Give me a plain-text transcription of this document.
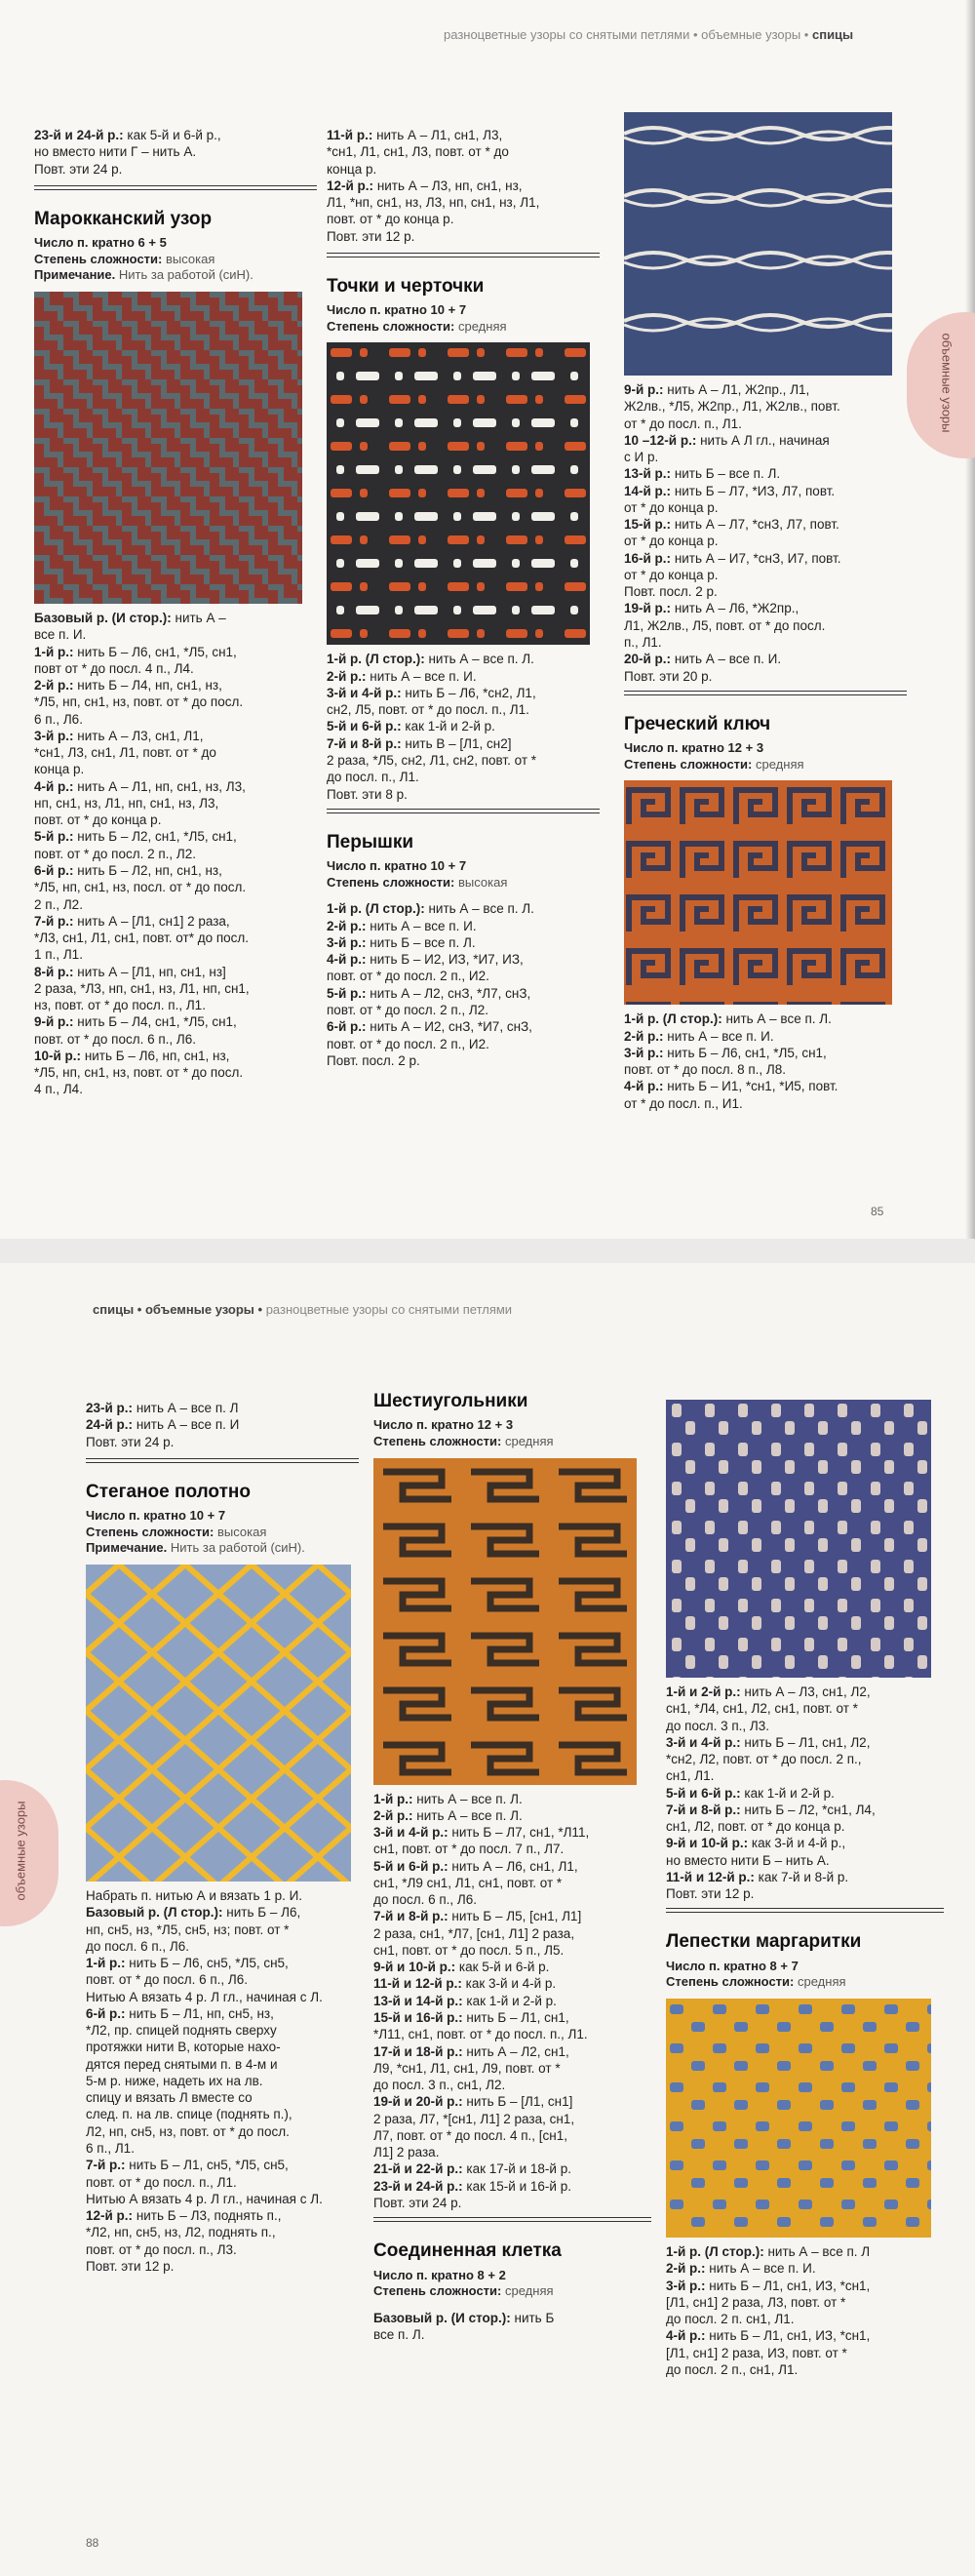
разноцветные узоры со снятыми петлями • объемные узоры • спицы
объемные узоры

23-й и 24-й р.: как 5-й и 6-й р.,

но вместо нити Г – нить А.

Повт. эти 24 р.

Марокканский узор

Число п. кратно 6 + 5

Степень сложности: высокая

Примечание. Нить за работой (сиН).

Базовый р. (И стор.): нить А –

все п. И.

1-й р.: нить Б – Л6, сн1, *Л5, сн1,

повт от * до посл. 4 п., Л4.

2-й р.: нить Б – Л4, нп, сн1, нз,

*Л5, нп, сн1, нз, повт. от * до посл.

6 п., Л6.

3-й р.: нить А – Л3, сн1, Л1,

*сн1, Л3, сн1, Л1, повт. от * до

конца р.

4-й р.: нить А – Л1, нп, сн1, нз, Л3,

нп, сн1, нз, Л1, нп, сн1, нз, Л3,

повт. от * до конца р.

5-й р.: нить Б – Л2, сн1, *Л5, сн1,

повт. от * до посл. 2 п., Л2.

6-й р.: нить Б – Л2, нп, сн1, нз,

*Л5, нп, сн1, нз, посл. от * до посл.

2 п., Л2.

7-й р.: нить А – [Л1, сн1] 2 раза,

*Л3, сн1, Л1, сн1, повт. от* до посл.

1 п., Л1.

8-й р.: нить А – [Л1, нп, сн1, нз]

2 раза, *Л3, нп, сн1, нз, Л1, нп, сн1,

нз, повт. от * до посл. п., Л1.

9-й р.: нить Б – Л4, сн1, *Л5, сн1,

повт. от * до посл. 6 п., Л6.

10-й р.: нить Б – Л6, нп, сн1, нз,

*Л5, нп, сн1, нз, повт. от * до посл.

4 п., Л4.

11-й р.: нить А – Л1, сн1, Л3,

*сн1, Л1, сн1, Л3, повт. от * до

конца р.

12-й р.: нить А – Л3, нп, сн1, нз,

Л1, *нп, сн1, нз, Л3, нп, сн1, нз, Л1,

повт. от * до конца р.

Повт. эти 12 р.

Точки и черточки

Число п. кратно 10 + 7

Степень сложности: средняя

1-й р. (Л стор.): нить А – все п. Л.

2-й р.: нить А – все п. И.

3-й и 4-й р.: нить Б – Л6, *сн2, Л1,

сн2, Л5, повт. от * до посл. п., Л1.

5-й и 6-й р.: как 1-й и 2-й р.

7-й и 8-й р.: нить В – [Л1, сн2]

2 раза, *Л5, сн2, Л1, сн2, повт. от *

до посл. п., Л1.

Повт. эти 8 р.

Перышки

Число п. кратно 10 + 7

Степень сложности: высокая

1-й р. (Л стор.): нить А – все п. Л.

2-й р.: нить А – все п. И.

3-й р.: нить Б – все п. Л.

4-й р.: нить Б – И2, ИЗ, *И7, ИЗ,

повт. от * до посл. 2 п., И2.

5-й р.: нить А – Л2, снЗ, *Л7, снЗ,

повт. от * до посл. 2 п., Л2.

6-й р.: нить А – И2, снЗ, *И7, снЗ,

повт. от * до посл. 2 п., И2.

Повт. посл. 2 р.

9-й р.: нить А – Л1, Ж2пр., Л1,

Ж2лв., *Л5, Ж2пр., Л1, Ж2лв., повт.

от * до посл. п., Л1.

10 –12-й р.: нить А Л гл., начиная

с И р.

13-й р.: нить Б – все п. Л.

14-й р.: нить Б – Л7, *ИЗ, Л7, повт.

от * до конца р.

15-й р.: нить А – Л7, *снЗ, Л7, повт.

от * до конца р.

16-й р.: нить А – И7, *снЗ, И7, повт.

от * до конца р.

Повт. посл. 2 р.

19-й р.: нить А – Л6, *Ж2пр.,

Л1, Ж2лв., Л5, повт. от * до посл.

п., Л1.

20-й р.: нить А – все п. И.

Повт. эти 20 р.

Греческий ключ

Число п. кратно 12 + 3

Степень сложности: средняя

1-й р. (Л стор.): нить А – все п. Л.

2-й р.: нить А – все п. И.

3-й р.: нить Б – Л6, сн1, *Л5, сн1,

повт. от * до посл. 8 п., Л8.

4-й р.: нить Б – И1, *сн1, *И5, повт.

от * до посл. п., И1.

85
спицы • объемные узоры • разноцветные узоры со снятыми петлями
объемные узоры

23-й р.: нить А – все п. Л

24-й р.: нить А – все п. И

Повт. эти 24 р.

Стеганое полотно

Число п. кратно 10 + 7

Степень сложности: высокая

Примечание. Нить за работой (сиН).

Набрать п. нитью А и вязать 1 р. И.

Базовый р. (Л стор.): нить Б – Л6,

нп, сн5, нз, *Л5, сн5, нз; повт. от *

до посл. 6 п., Л6.

1-й р.: нить Б – Л6, сн5, *Л5, сн5,

повт. от * до посл. 6 п., Л6.

Нитью А вязать 4 р. Л гл., начиная с Л.

6-й р.: нить Б – Л1, нп, сн5, нз,

*Л2, пр. спицей поднять сверху

протяжки нити В, которые нахо-

дятся перед снятыми п. в 4-м и

5-м р. ниже, надеть их на лв.

спицу и вязать Л вместе со

след. п. на лв. спице (поднять п.),

Л2, нп, сн5, нз, повт. от * до посл.

6 п., Л1.

7-й р.: нить Б – Л1, сн5, *Л5, сн5,

повт. от * до посл. п., Л1.

Нитью А вязать 4 р. Л гл., начиная с Л.

12-й р.: нить Б – Л3, поднять п.,

*Л2, нп, сн5, нз, Л2, поднять п.,

повт. от * до посл. п., Л3.

Повт. эти 12 р.

Шестиугольники

Число п. кратно 12 + 3

Степень сложности: средняя

1-й р.: нить А – все п. Л.

2-й р.: нить А – все п. Л.

3-й и 4-й р.: нить Б – Л7, сн1, *Л11,

сн1, повт. от * до посл. 7 п., Л7.

5-й и 6-й р.: нить А – Л6, сн1, Л1,

сн1, *Л9 сн1, Л1, сн1, повт. от *

до посл. 6 п., Л6.

7-й и 8-й р.: нить Б – Л5, [сн1, Л1]

2 раза, сн1, *Л7, [сн1, Л1] 2 раза,

сн1, повт. от * до посл. 5 п., Л5.

9-й и 10-й р.: как 5-й и 6-й р.

11-й и 12-й р.: как 3-й и 4-й р.

13-й и 14-й р.: как 1-й и 2-й р.

15-й и 16-й р.: нить Б – Л1, сн1,

*Л11, сн1, повт. от * до посл. п., Л1.

17-й и 18-й р.: нить А – Л2, сн1,

Л9, *сн1, Л1, сн1, Л9, повт. от *

до посл. 3 п., сн1, Л2.

19-й и 20-й р.: нить Б – [Л1, сн1]

2 раза, Л7, *[сн1, Л1] 2 раза, сн1,

Л7, повт. от * до посл. 4 п., [сн1,

Л1] 2 раза.

21-й и 22-й р.: как 17-й и 18-й р.

23-й и 24-й р.: как 15-й и 16-й р.

Повт. эти 24 р.

Соединенная клетка

Число п. кратно 8 + 2

Степень сложности: средняя

Базовый р. (И стор.): нить Б

все п. Л.

1-й и 2-й р.: нить А – Л3, сн1, Л2,

сн1, *Л4, сн1, Л2, сн1, повт. от *

до посл. 3 п., Л3.

3-й и 4-й р.: нить Б – Л1, сн1, Л2,

*сн2, Л2, повт. от * до посл. 2 п.,

сн1, Л1.

5-й и 6-й р.: как 1-й и 2-й р.

7-й и 8-й р.: нить Б – Л2, *сн1, Л4,

сн1, Л2, повт. от * до конца р.

9-й и 10-й р.: как 3-й и 4-й р.,

но вместо нити Б – нить А.

11-й и 12-й р.: как 7-й и 8-й р.

Повт. эти 12 р.

Лепестки маргаритки

Число п. кратно 8 + 7

Степень сложности: средняя

1-й р. (Л стор.): нить А – все п. Л

2-й р.: нить А – все п. И.

3-й р.: нить Б – Л1, сн1, ИЗ, *сн1,

[Л1, сн1] 2 раза, Л3, повт. от *

до посл. 2 п. сн1, Л1.

4-й р.: нить Б – Л1, сн1, ИЗ, *сн1,

[Л1, сн1] 2 раза, ИЗ, повт. от *

до посл. 2 п., сн1, Л1.

88
